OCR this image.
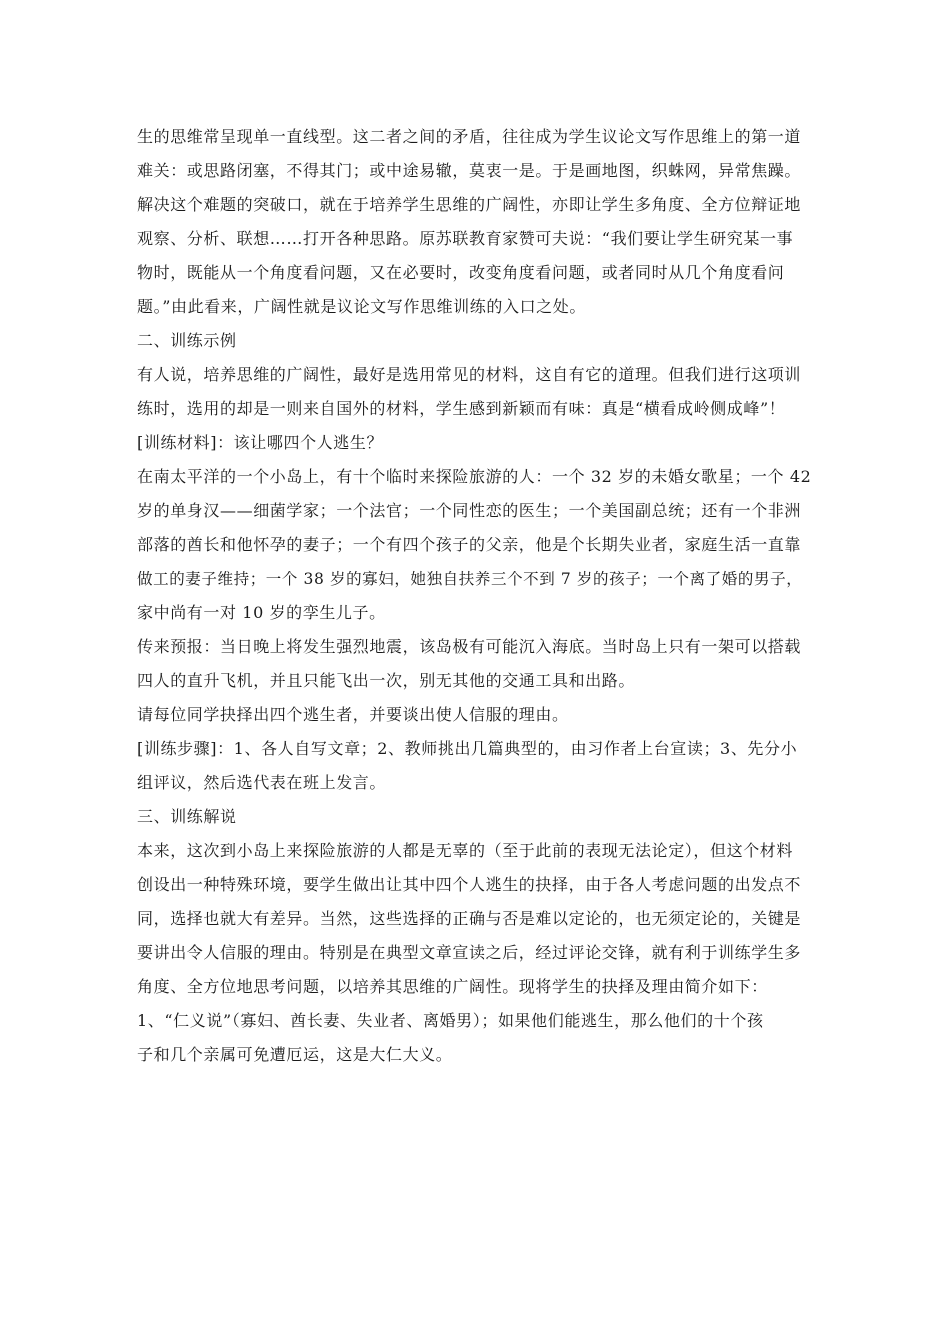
生的思维常呈现单一直线型。这二者之间的矛盾，往往成为学生议论文写作思维上的第一道
难关：或思路闭塞，不得其门；或中途易辙，莫衷一是。于是画地图，织蛛网，异常焦躁。
解决这个难题的突破口，就在于培养学生思维的广阔性，亦即让学生多角度、全方位辩证地
观察、分析、联想……打开各种思路。原苏联教育家赞可夫说：“我们要让学生研究某一事
物时，既能从一个角度看问题，又在必要时，改变角度看问题，或者同时从几个角度看问
题。”由此看来，广阔性就是议论文写作思维训练的入口之处。
二、训练示例
有人说，培养思维的广阔性，最好是选用常见的材料，这自有它的道理。但我们进行这项训
练时，选用的却是一则来自国外的材料，学生感到新颖而有味：真是“横看成岭侧成峰”！
[训练材料]：该让哪四个人逃生？
在南太平洋的一个小岛上，有十个临时来探险旅游的人：一个 32 岁的未婚女歌星；一个 42
岁的单身汉——细菌学家；一个法官；一个同性恋的医生；一个美国副总统；还有一个非洲
部落的酋长和他怀孕的妻子；一个有四个孩子的父亲，他是个长期失业者，家庭生活一直靠
做工的妻子维持；一个 38 岁的寡妇，她独自扶养三个不到 7 岁的孩子；一个离了婚的男子，
家中尚有一对 10 岁的孪生儿子。
传来预报：当日晚上将发生强烈地震，该岛极有可能沉入海底。当时岛上只有一架可以搭载
四人的直升飞机，并且只能飞出一次，别无其他的交通工具和出路。
请每位同学抉择出四个逃生者，并要谈出使人信服的理由。
[训练步骤]：1、各人自写文章；2、教师挑出几篇典型的，由习作者上台宣读；3、先分小
组评议，然后选代表在班上发言。
三、训练解说
本来，这次到小岛上来探险旅游的人都是无辜的（至于此前的表现无法论定），但这个材料
创设出一种特殊环境，要学生做出让其中四个人逃生的抉择，由于各人考虑问题的出发点不
同，选择也就大有差异。当然，这些选择的正确与否是难以定论的，也无须定论的，关键是
要讲出令人信服的理由。特别是在典型文章宣读之后，经过评论交锋，就有利于训练学生多
角度、全方位地思考问题，以培养其思维的广阔性。现将学生的抉择及理由简介如下：
1、“仁义说”（寡妇、酋长妻、失业者、离婚男）；如果他们能逃生，那么他们的十个孩
子和几个亲属可免遭厄运，这是大仁大义。
